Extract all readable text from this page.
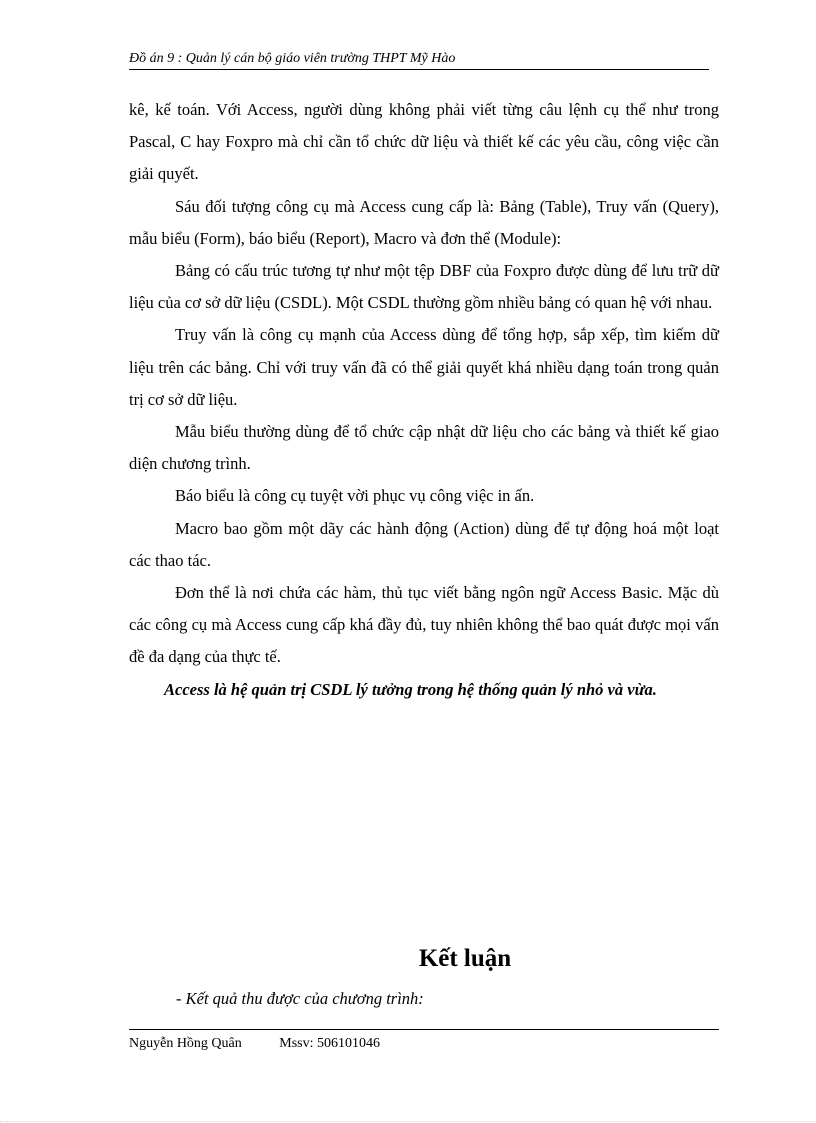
Đồ án 9 : Quản lý cán bộ giáo viên trường THPT Mỹ Hào

kê, kế toán. Với Access, người dùng không phải viết từng câu lệnh cụ thể như trong Pascal, C hay Foxpro mà chỉ cần tổ chức dữ liệu và thiết kế các yêu cầu, công việc cần giải quyết.

Sáu đối tượng công cụ mà Access cung cấp là: Bảng (Table), Truy vấn (Query), mẫu biểu (Form), báo biểu (Report), Macro và đơn thể (Module):

Bảng có cấu trúc tương tự như một tệp DBF của Foxpro được dùng để lưu trữ dữ liệu của cơ sở dữ liệu (CSDL). Một CSDL thường gồm nhiều bảng có quan hệ với nhau.

Truy vấn là công cụ mạnh của Access dùng để tổng hợp, sắp xếp, tìm kiếm dữ liệu trên các bảng. Chỉ với truy vấn đã có thể giải quyết khá nhiều dạng toán trong quản trị cơ sở dữ liệu.

Mẫu biểu thường dùng để tổ chức cập nhật dữ liệu cho các bảng và thiết kế giao diện chương trình.

Báo biểu là công cụ tuyệt vời phục vụ công việc in ấn.

Macro bao gồm một dãy các hành động (Action) dùng để tự động hoá một loạt các thao tác.

Đơn thể là nơi chứa các hàm, thủ tục viết bằng ngôn ngữ Access Basic. Mặc dù các công cụ mà Access cung cấp khá đầy đủ, tuy nhiên không thể bao quát được mọi vấn đề đa dạng của thực tế.

Access là hệ quản trị CSDL lý tưởng trong hệ thống quản lý nhỏ và vừa.

Kết luận

- Kết quả thu được của chương trình:

Nguyễn Hồng Quân	Mssv: 506101046
